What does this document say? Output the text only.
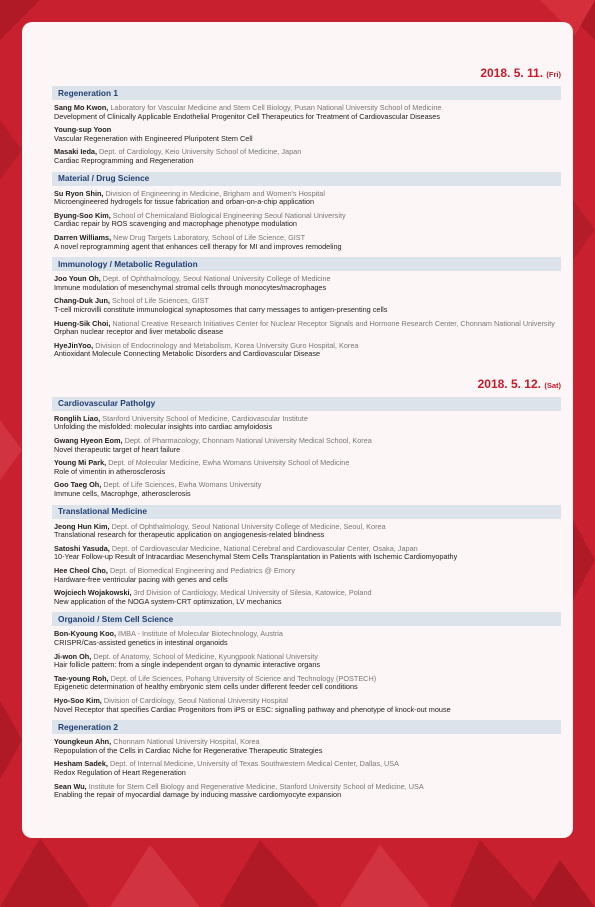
2018. 5. 11. (Fri)
Regeneration 1
Sang Mo Kwon, Laboratory for Vascular Medicine and Stem Cell Biology, Pusan National University School of Medicine
Development of Clinically Applicable Endothelial Progenitor Cell Therapeutics for Treatment of Cardiovascular Diseases
Young-sup Yoon
Vascular Regeneration with Engineered Pluripotent Stem Cell
Masaki Ieda, Dept. of Cardiology, Keio University School of Medicine, Japan
Cardiac Reprogramming and Regeneration
Material / Drug Science
Su Ryon Shin, Division of Engineering in Medicine, Brigham and Women's Hospital
Microengineered hydrogels for tissue fabrication and orban-on-a-chip application
Byung-Soo Kim, School of Chemicaland Biological Engineering Seoul National University
Cardiac repair by ROS scavenging and macrophage phenotype modulation
Darren Williams, New Drug Targets Laboratory, School of Life Science, GIST
A novel reprogramming agent that enhances cell therapy for MI and improves remodeling
Immunology / Metabolic Regulation
Joo Youn Oh, Dept. of Ophthalmology, Seoul National University College of Medicine
Immune modulation of mesenchymal stromal cells through monocytes/macrophages
Chang-Duk Jun, School of Life Sciences, GIST
T-cell microvilli constitute immunological synaptosomes that carry messages to antigen-presenting cells
Hueng-Sik Choi, National Creative Research Initiatives Center for Nuclear Receptor Signals and Hormone Research Center, Chonnam National University
Orphan nuclear receptor and liver metabolic disease
HyeJinYoo, Division of Endocrinology and Metabolism, Korea University Guro Hospital, Korea
Antioxidant Molecule Connecting Metabolic Disorders and Cardiovascular Disease
2018. 5. 12. (Sat)
Cardiovascular Patholgy
Ronglih Liao, Stanford University School of Medicine, Cardiovascular Institute
Unfolding the misfolded: molecular insights into cardiac amyloidosis
Gwang Hyeon Eom, Dept. of Pharmacology, Chonnam National University Medical School, Korea
Novel therapeutic target of heart failure
Young Mi Park, Dept. of Molecular Medicine, Ewha Womans University School of Medicine
Role of vimentin in atherosclerosis
Goo Taeg Oh, Dept. of Life Sciences, Ewha Womans University
Immune cells, Macrophge, atherosclerosis
Translational Medicine
Jeong Hun Kim, Dept. of Ophthalmology, Seoul National University College of Medicine, Seoul, Korea
Translational research for therapeutic application on angiogenesis-related blindness
Satoshi Yasuda, Dept. of Cardiovascular Medicine, National Cerebral and Cardiovascular Center, Osaka, Japan
10-Year Follow-up Result of Intracardiac Mesenchymal Stem Cells Transplantation in Patients with Ischemic Cardiomyopathy
Hee Cheol Cho, Dept. of Biomedical Engineering and Pediatrics @ Emory
Hardware-free ventricular pacing with genes and cells
Wojciech Wojakowski, 3rd Division of Cardiology, Medical University of Silesia, Katowice, Poland
New application of the NOGA system-CRT optimization, LV mechanics
Organoid / Stem Cell Science
Bon-Kyoung Koo, IMBA - Institute of Molecular Biotechnology, Austria
CRISPR/Cas-assisted genetics in intestinal organoids
Ji-won Oh, Dept. of Anatomy, School of Medicine, Kyungpook National University
Hair follicle pattern: from a single independent organ to dynamic interactive organs
Tae-young Roh, Dept. of Life Sciences, Pohang University of Science and Technology (POSTECH)
Epigenetic determination of healthy embryonic stem cells under different feeder cell conditions
Hyo-Soo Kim, Division of Cardiology, Seoul National University Hospital
Novel Receptor that specifies Cardiac Progenitors from iPS or ESC: signalling pathway and phenotype of knock-out mouse
Regeneration 2
Youngkeun Ahn, Chonnam National University Hospital, Korea
Repopulation of the Cells in Cardiac Niche for Regenerative Therapeutic Strategies
Hesham Sadek, Dept. of Internal Medicine, University of Texas Southwestern Medical Center, Dallas, USA
Redox Regulation of Heart Regeneration
Sean Wu, Institute for Stem Cell Biology and Regenerative Medicine, Stanford University School of Medicine, USA
Enabling the repair of myocardial damage by inducing massive cardiomyocyte expansion
